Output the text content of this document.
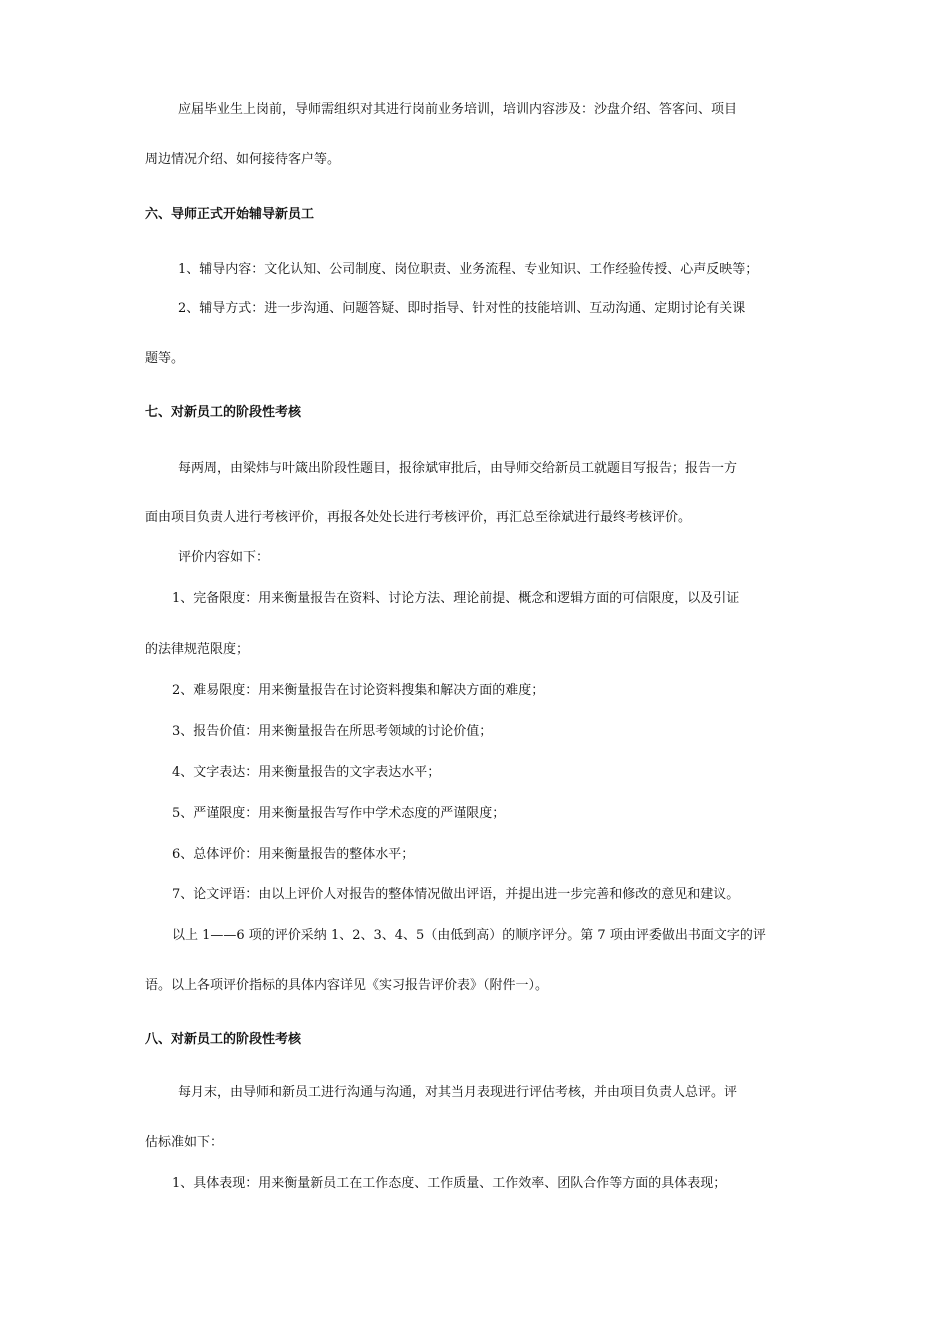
应届毕业生上岗前，导师需组织对其进行岗前业务培训，培训内容涉及：沙盘介绍、答客问、项目
周边情况介绍、如何接待客户等。
六、导师正式开始辅导新员工
1、辅导内容：文化认知、公司制度、岗位职责、业务流程、专业知识、工作经验传授、心声反映等；
2、辅导方式：进一步沟通、问题答疑、即时指导、针对性的技能培训、互动沟通、定期讨论有关课
题等。
七、对新员工的阶段性考核
每两周，由梁炜与叶箴出阶段性题目，报徐斌审批后，由导师交给新员工就题目写报告；报告一方
面由项目负责人进行考核评价，再报各处处长进行考核评价，再汇总至徐斌进行最终考核评价。
评价内容如下：
1、完备限度：用来衡量报告在资料、讨论方法、理论前提、概念和逻辑方面的可信限度，以及引证
的法律规范限度；
2、难易限度：用来衡量报告在讨论资料搜集和解决方面的难度；
3、报告价值：用来衡量报告在所思考领域的讨论价值；
4、文字表达：用来衡量报告的文字表达水平；
5、严谨限度：用来衡量报告写作中学术态度的严谨限度；
6、总体评价：用来衡量报告的整体水平；
7、论文评语：由以上评价人对报告的整体情况做出评语，并提出进一步完善和修改的意见和建议。
以上 1——6 项的评价采纳 1、2、3、4、5（由低到高）的顺序评分。第 7 项由评委做出书面文字的评
语。以上各项评价指标的具体内容详见《实习报告评价表》（附件一）。
八、对新员工的阶段性考核
每月末，由导师和新员工进行沟通与沟通，对其当月表现进行评估考核，并由项目负责人总评。评
估标准如下：
1、具体表现：用来衡量新员工在工作态度、工作质量、工作效率、团队合作等方面的具体表现；
